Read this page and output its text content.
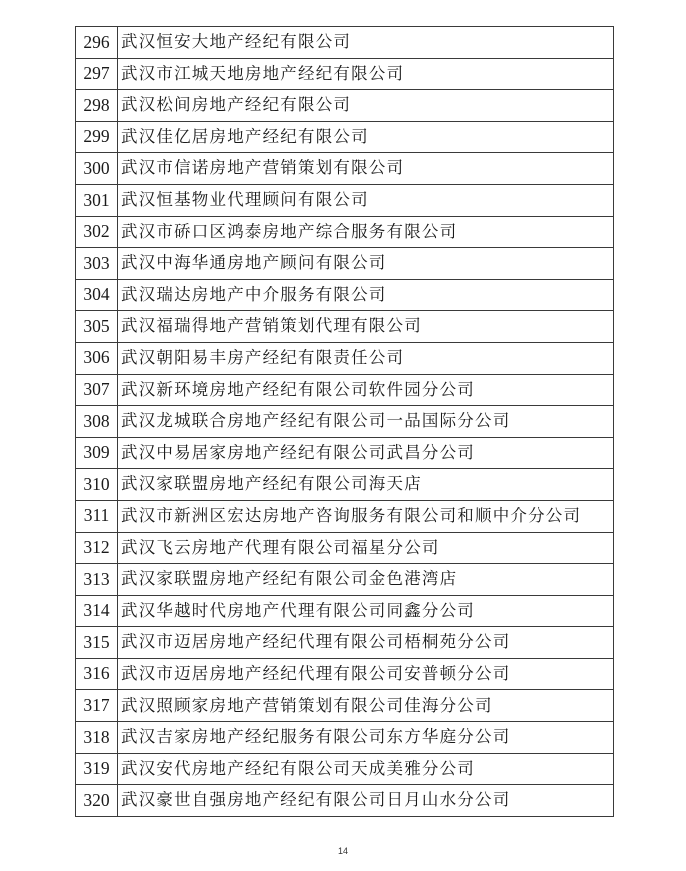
296	武汉恒安大地产经纪有限公司
297	武汉市江城天地房地产经纪有限公司
298	武汉松间房地产经纪有限公司
299	武汉佳亿居房地产经纪有限公司
300	武汉市信诺房地产营销策划有限公司
301	武汉恒基物业代理顾问有限公司
302	武汉市硚口区鸿泰房地产综合服务有限公司
303	武汉中海华通房地产顾问有限公司
304	武汉瑞达房地产中介服务有限公司
305	武汉福瑞得地产营销策划代理有限公司
306	武汉朝阳易丰房产经纪有限责任公司
307	武汉新环境房地产经纪有限公司软件园分公司
308	武汉龙城联合房地产经纪有限公司一品国际分公司
309	武汉中易居家房地产经纪有限公司武昌分公司
310	武汉家联盟房地产经纪有限公司海天店
311	武汉市新洲区宏达房地产咨询服务有限公司和顺中介分公司
312	武汉飞云房地产代理有限公司福星分公司
313	武汉家联盟房地产经纪有限公司金色港湾店
314	武汉华越时代房地产代理有限公司同鑫分公司
315	武汉市迈居房地产经纪代理有限公司梧桐苑分公司
316	武汉市迈居房地产经纪代理有限公司安普顿分公司
317	武汉照顾家房地产营销策划有限公司佳海分公司
318	武汉吉家房地产经纪服务有限公司东方华庭分公司
319	武汉安代房地产经纪有限公司天成美雅分公司
320	武汉豪世自强房地产经纪有限公司日月山水分公司
14
